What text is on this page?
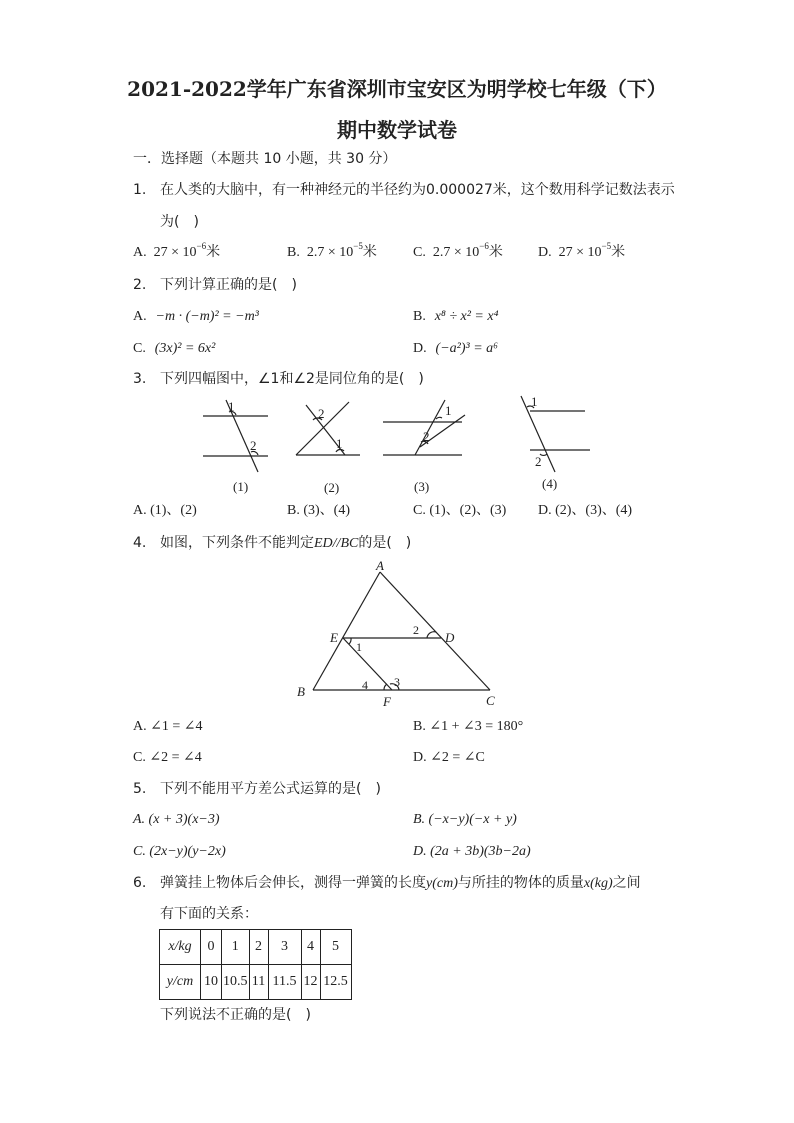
2021-2022学年广东省深圳市宝安区为明学校七年级（下）
期中数学试卷
一．选择题（本题共 10 小题，共 30 分）
1. 在人类的大脑中，有一种神经元的半径约为0.000027米，这个数用科学记数法表示
为(　)
A. $27 \times 10^{-6}$米	B. $2.7 \times 10^{-5}$米	C. $2.7 \times 10^{-6}$米	D. $27 \times 10^{-5}$米
2. 下列计算正确的是(　)
A. −m · (−m)² = −m³	B. x⁸ ÷ x² = x⁴
C. (3x)² = 6x²	D. (−a²)³ = a⁶
3. 下列四幅图中，∠1和∠2是同位角的是(　)
1
2
2
1
1
2
1
2
(1)	(2)	(3)	(4)
A. (1)、(2)	B. (3)、(4)	C. (1)、(2)、(3) D. (2)、(3)、(4)
4. 如图，下列条件不能判定ED//BC的是(　)
A
E	D
B
F	C
1
2
3
4
A. ∠1 = ∠4	B. ∠1 + ∠3 = 180°
C. ∠2 = ∠4	D. ∠2 = ∠C
5. 下列不能用平方差公式运算的是(　)
A. (x + 3)(x−3)	B. (−x−y)(−x + y)
C. (2x−y)(y−2x)	D. (2a + 3b)(3b−2a)
6. 弹簧挂上物体后会伸长，测得一弹簧的长度y(cm)与所挂的物体的质量x(kg)之间
有下面的关系：
x/kg	0	1	2	3	4	5
y/cm	10	10.5	11	11.5	12	12.5
下列说法不正确的是(　)
